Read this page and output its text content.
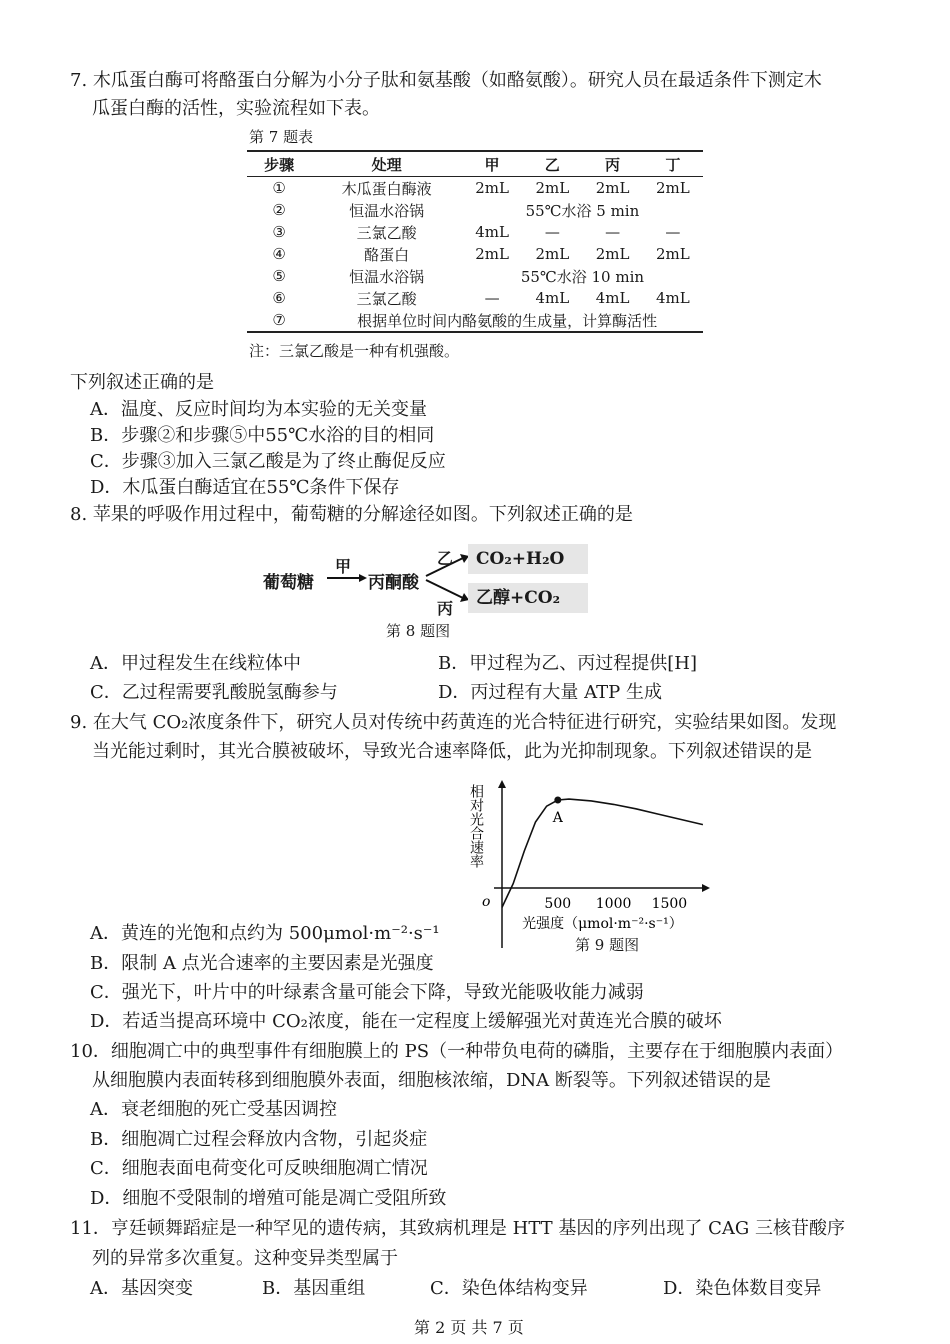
7. 木瓜蛋白酶可将酪蛋白分解为小分子肽和氨基酸（如酪氨酸）。研究人员在最适条件下测定木
瓜蛋白酶的活性，实验流程如下表。
第 7 题表
步骤	处理	甲	乙	丙	丁
①	木瓜蛋白酶液	2mL	2mL	2mL	2mL
②	恒温水浴锅	55℃水浴 5 min			
③	三氯乙酸	4mL	—	—	—
④	酪蛋白	2mL	2mL	2mL	2mL
⑤	恒温水浴锅	55℃水浴 10 min			
⑥	三氯乙酸	—	4mL	4mL	4mL
⑦	根据单位时间内酪氨酸的生成量，计算酶活性				
注：三氯乙酸是一种有机强酸。
下列叙述正确的是
A．温度、反应时间均为本实验的无关变量
B．步骤②和步骤⑤中55℃水浴的目的相同
C．步骤③加入三氯乙酸是为了终止酶促反应
D．木瓜蛋白酶适宜在55℃条件下保存
8. 苹果的呼吸作用过程中，葡萄糖的分解途径如图。下列叙述正确的是
葡萄糖
甲
丙酮酸
乙
丙
CO₂+H₂O
乙醇+CO₂
第 8 题图
A．甲过程发生在线粒体中	B．甲过程为乙、丙过程提供[H]
C．乙过程需要乳酸脱氢酶参与	D．丙过程有大量 ATP 生成
9. 在大气 CO₂浓度条件下，研究人员对传统中药黄连的光合特征进行研究，实验结果如图。发现
当光能过剩时，其光合膜被破坏，导致光合速率降低，此为光抑制现象。下列叙述错误的是
相对光合速率
o	500 1000 1500
光强度（μmol·m⁻²·s⁻¹）
A
第 9 题图
A．黄连的光饱和点约为 500μmol·m⁻²·s⁻¹
B．限制 A 点光合速率的主要因素是光强度
C．强光下，叶片中的叶绿素含量可能会下降，导致光能吸收能力减弱
D．若适当提高环境中 CO₂浓度，能在一定程度上缓解强光对黄连光合膜的破坏
10．细胞凋亡中的典型事件有细胞膜上的 PS（一种带负电荷的磷脂，主要存在于细胞膜内表面）
从细胞膜内表面转移到细胞膜外表面，细胞核浓缩，DNA 断裂等。下列叙述错误的是
A．衰老细胞的死亡受基因调控
B．细胞凋亡过程会释放内含物，引起炎症
C．细胞表面电荷变化可反映细胞凋亡情况
D．细胞不受限制的增殖可能是凋亡受阻所致
11．亨廷顿舞蹈症是一种罕见的遗传病，其致病机理是 HTT 基因的序列出现了 CAG 三核苷酸序
列的异常多次重复。这种变异类型属于
A．基因突变	B．基因重组	C．染色体结构变异	D．染色体数目变异
第 2 页 共 7 页
